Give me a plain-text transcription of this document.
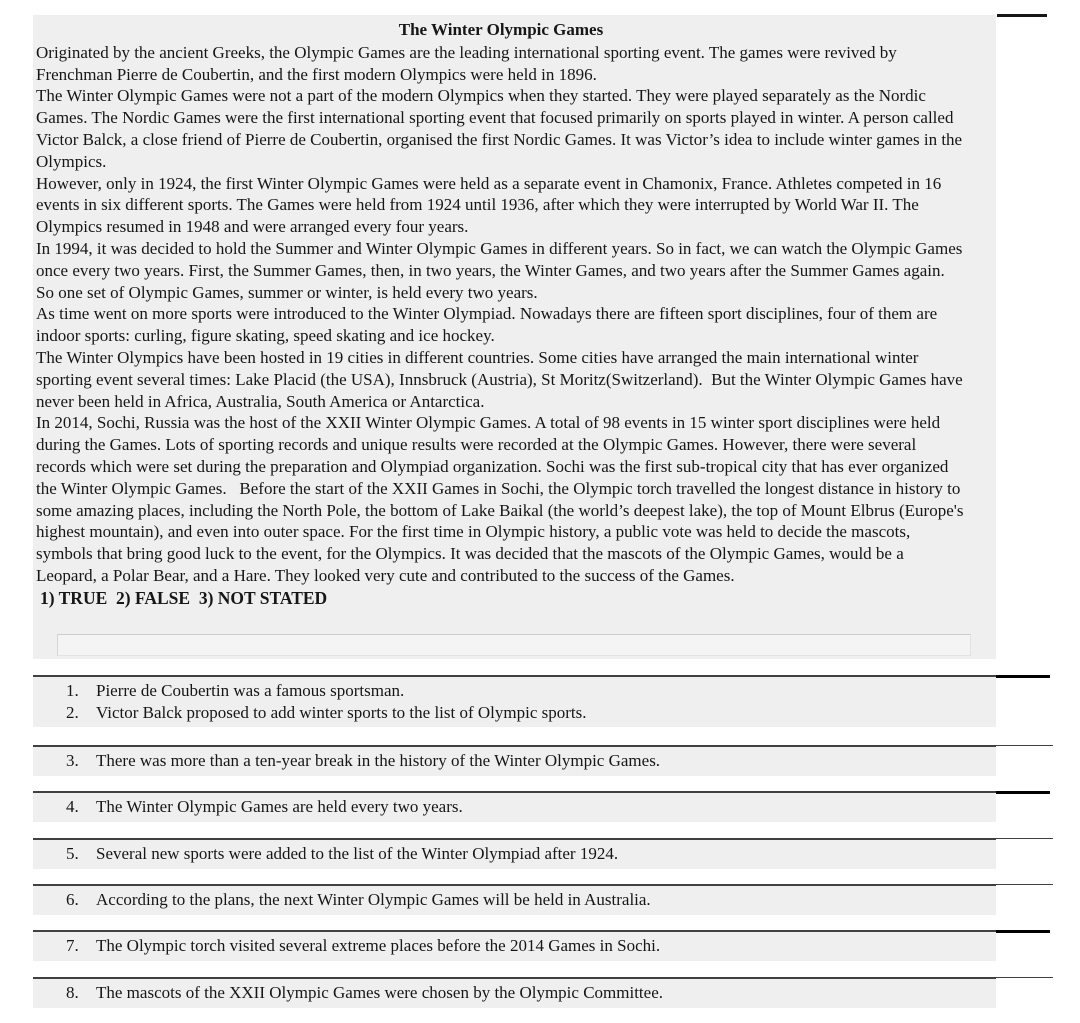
The Winter Olympic Games

Originated by the ancient Greeks, the Olympic Games are the leading international sporting event. The games were revived by Frenchman Pierre de Coubertin, and the first modern Olympics were held in 1896.

The Winter Olympic Games were not a part of the modern Olympics when they started. They were played separately as the Nordic Games. The Nordic Games were the first international sporting event that focused primarily on sports played in winter. A person called Victor Balck, a close friend of Pierre de Coubertin, organised the first Nordic Games. It was Victor’s idea to include winter games in the Olympics.

However, only in 1924, the first Winter Olympic Games were held as a separate event in Chamonix, France. Athletes competed in 16 events in six different sports. The Games were held from 1924 until 1936, after which they were interrupted by World War II. The Olympics resumed in 1948 and were arranged every four years.

In 1994, it was decided to hold the Summer and Winter Olympic Games in different years. So in fact, we can watch the Olympic Games once every two years. First, the Summer Games, then, in two years, the Winter Games, and two years after the Summer Games again. So one set of Olympic Games, summer or winter, is held every two years.

As time went on more sports were introduced to the Winter Olympiad. Nowadays there are fifteen sport disciplines, four of them are indoor sports: curling, figure skating, speed skating and ice hockey.

The Winter Olympics have been hosted in 19 cities in different countries. Some cities have arranged the main international winter sporting event several times: Lake Placid (the USA), Innsbruck (Austria), St Moritz(Switzerland).  But the Winter Olympic Games have never been held in Africa, Australia, South America or Antarctica.

In 2014, Sochi, Russia was the host of the XXII Winter Olympic Games. A total of 98 events in 15 winter sport disciplines were held during the Games. Lots of sporting records and unique results were recorded at the Olympic Games. However, there were several records which were set during the preparation and Olympiad organization. Sochi was the first sub-tropical city that has ever organized the Winter Olympic Games.   Before the start of the XXII Games in Sochi, the Olympic torch travelled the longest distance in history to some amazing places, including the North Pole, the bottom of Lake Baikal (the world’s deepest lake), the top of Mount Elbrus (Europe's highest mountain), and even into outer space. For the first time in Olympic history, a public vote was held to decide the mascots, symbols that bring good luck to the event, for the Olympics. It was decided that the mascots of the Olympic Games, would be a Leopard, a Polar Bear, and a Hare. They looked very cute and contributed to the success of the Games.

1) TRUE  2) FALSE  3) NOT STATED
1.	Pierre de Coubertin was a famous sportsman.
2.	Victor Balck proposed to add winter sports to the list of Olympic sports.
3.	There was more than a ten-year break in the history of the Winter Olympic Games.
4.	The Winter Olympic Games are held every two years.
5.	Several new sports were added to the list of the Winter Olympiad after 1924.
6.	According to the plans, the next Winter Olympic Games will be held in Australia.
7.	The Olympic torch visited several extreme places before the 2014 Games in Sochi.
8.	The mascots of the XXII Olympic Games were chosen by the Olympic Committee.
